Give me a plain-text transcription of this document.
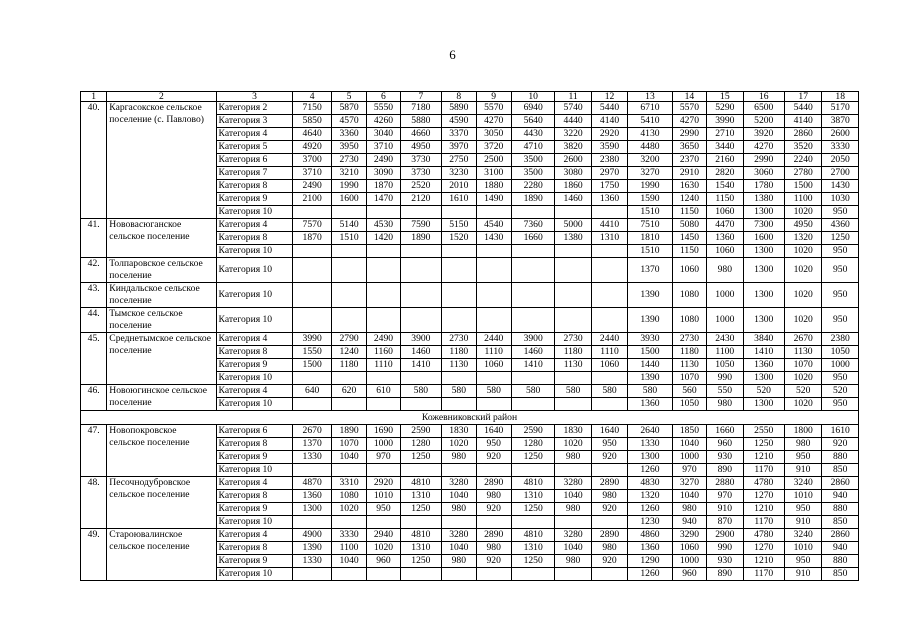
6
1	2	3	4	5	6	7	8	9	10	11	12	13	14	15	16	17	18
40.	Каргасокское сельское поселение (с. Павлово)	Категория 2	7150	5870	5550	7180	5890	5570	6940	5740	5440	6710	5570	5290	6500	5440	5170
		Категория 3	5850	4570	4260	5880	4590	4270	5640	4440	4140	5410	4270	3990	5200	4140	3870
		Категория 4	4640	3360	3040	4660	3370	3050	4430	3220	2920	4130	2990	2710	3920	2860	2600
		Категория 5	4920	3950	3710	4950	3970	3720	4710	3820	3590	4480	3650	3440	4270	3520	3330
		Категория 6	3700	2730	2490	3730	2750	2500	3500	2600	2380	3200	2370	2160	2990	2240	2050
		Категория 7	3710	3210	3090	3730	3230	3100	3500	3080	2970	3270	2910	2820	3060	2780	2700
		Категория 8	2490	1990	1870	2520	2010	1880	2280	1860	1750	1990	1630	1540	1780	1500	1430
		Категория 9	2100	1600	1470	2120	1610	1490	1890	1460	1360	1590	1240	1150	1380	1100	1030
		Категория 10										1510	1150	1060	1300	1020	950
41.	Нововасюганское сельское поселение	Категория 4	7570	5140	4530	7590	5150	4540	7360	5000	4410	7510	5080	4470	7300	4950	4360
		Категория 8	1870	1510	1420	1890	1520	1430	1660	1380	1310	1810	1450	1360	1600	1320	1250
		Категория 10										1510	1150	1060	1300	1020	950
42.	Толпаровское сельское поселение	Категория 10										1370	1060	980	1300	1020	950
43.	Киндальское сельское поселение	Категория 10										1390	1080	1000	1300	1020	950
44.	Тымское сельское поселение	Категория 10										1390	1080	1000	1300	1020	950
45.	Среднетымское сельское поселение	Категория 4	3990	2790	2490	3900	2730	2440	3900	2730	2440	3930	2730	2430	3840	2670	2380
		Категория 8	1550	1240	1160	1460	1180	1110	1460	1180	1110	1500	1180	1100	1410	1130	1050
		Категория 9	1500	1180	1110	1410	1130	1060	1410	1130	1060	1440	1130	1050	1360	1070	1000
		Категория 10										1390	1070	990	1300	1020	950
46.	Новоюгинское сельское поселение	Категория 4	640	620	610	580	580	580	580	580	580	580	560	550	520	520	520
		Категория 10										1360	1050	980	1300	1020	950
Кожевниковский район																	
47.	Новопокровское сельское поселение	Категория 6	2670	1890	1690	2590	1830	1640	2590	1830	1640	2640	1850	1660	2550	1800	1610
		Категория 8	1370	1070	1000	1280	1020	950	1280	1020	950	1330	1040	960	1250	980	920
		Категория 9	1330	1040	970	1250	980	920	1250	980	920	1300	1000	930	1210	950	880
		Категория 10										1260	970	890	1170	910	850
48.	Песочнодубровское сельское поселение	Категория 4	4870	3310	2920	4810	3280	2890	4810	3280	2890	4830	3270	2880	4780	3240	2860
		Категория 8	1360	1080	1010	1310	1040	980	1310	1040	980	1320	1040	970	1270	1010	940
		Категория 9	1300	1020	950	1250	980	920	1250	980	920	1260	980	910	1210	950	880
		Категория 10										1230	940	870	1170	910	850
49.	Староювалинское сельское поселение	Категория 4	4900	3330	2940	4810	3280	2890	4810	3280	2890	4860	3290	2900	4780	3240	2860
		Категория 8	1390	1100	1020	1310	1040	980	1310	1040	980	1360	1060	990	1270	1010	940
		Категория 9	1330	1040	960	1250	980	920	1250	980	920	1290	1000	930	1210	950	880
		Категория 10										1260	960	890	1170	910	850
